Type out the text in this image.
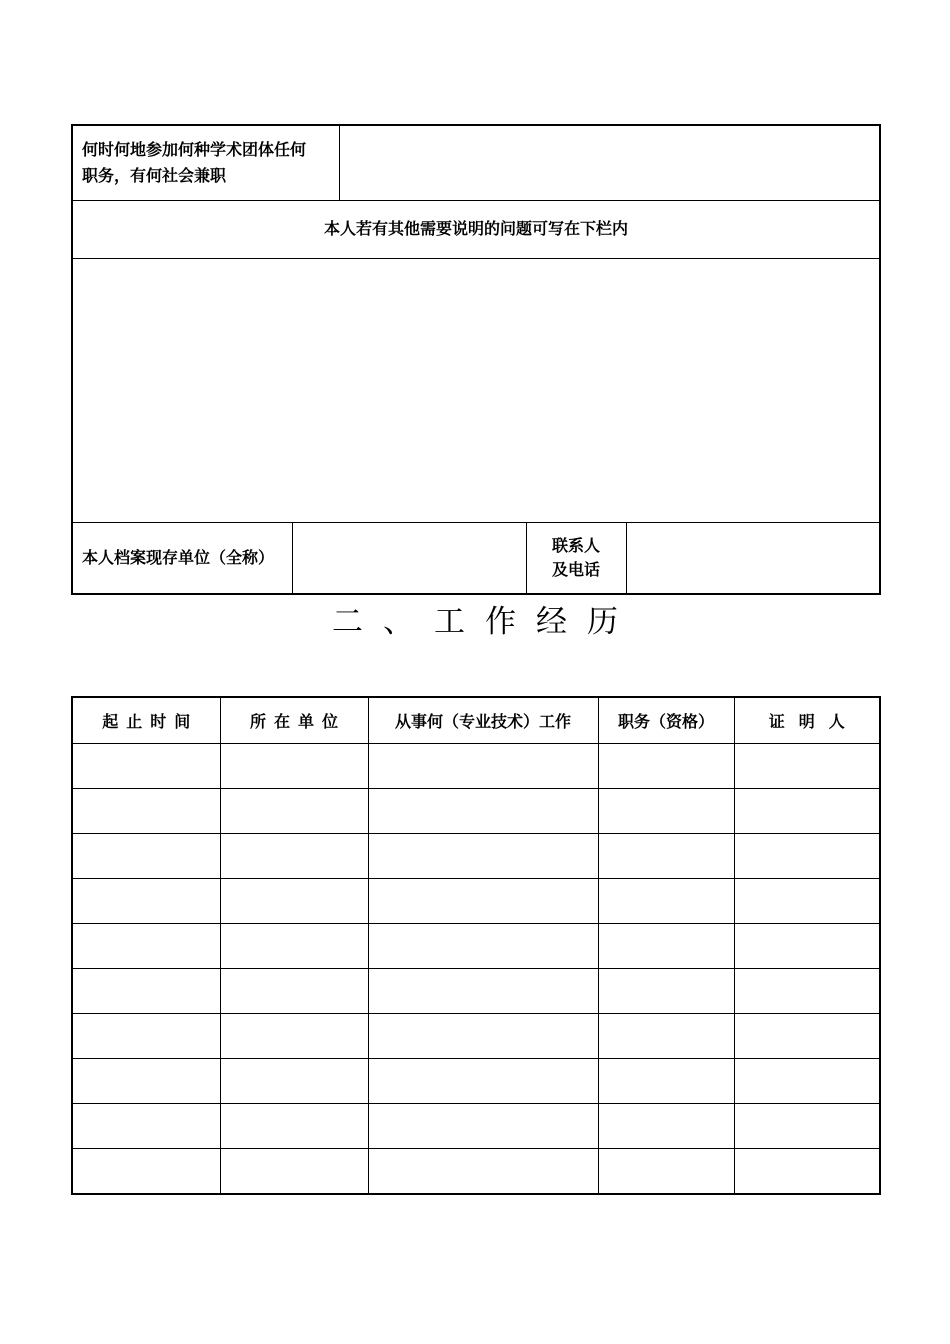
何时何地参加何种学术团体任何
职务，有何社会兼职				

本人若有其他需要说明的问题可写在下栏内				

本人档案现存单位（全称）			联系人
及电话	

二、工作经历
起止时间	所在单位	从事何（专业技术）工作	职务（资格）	证明人
